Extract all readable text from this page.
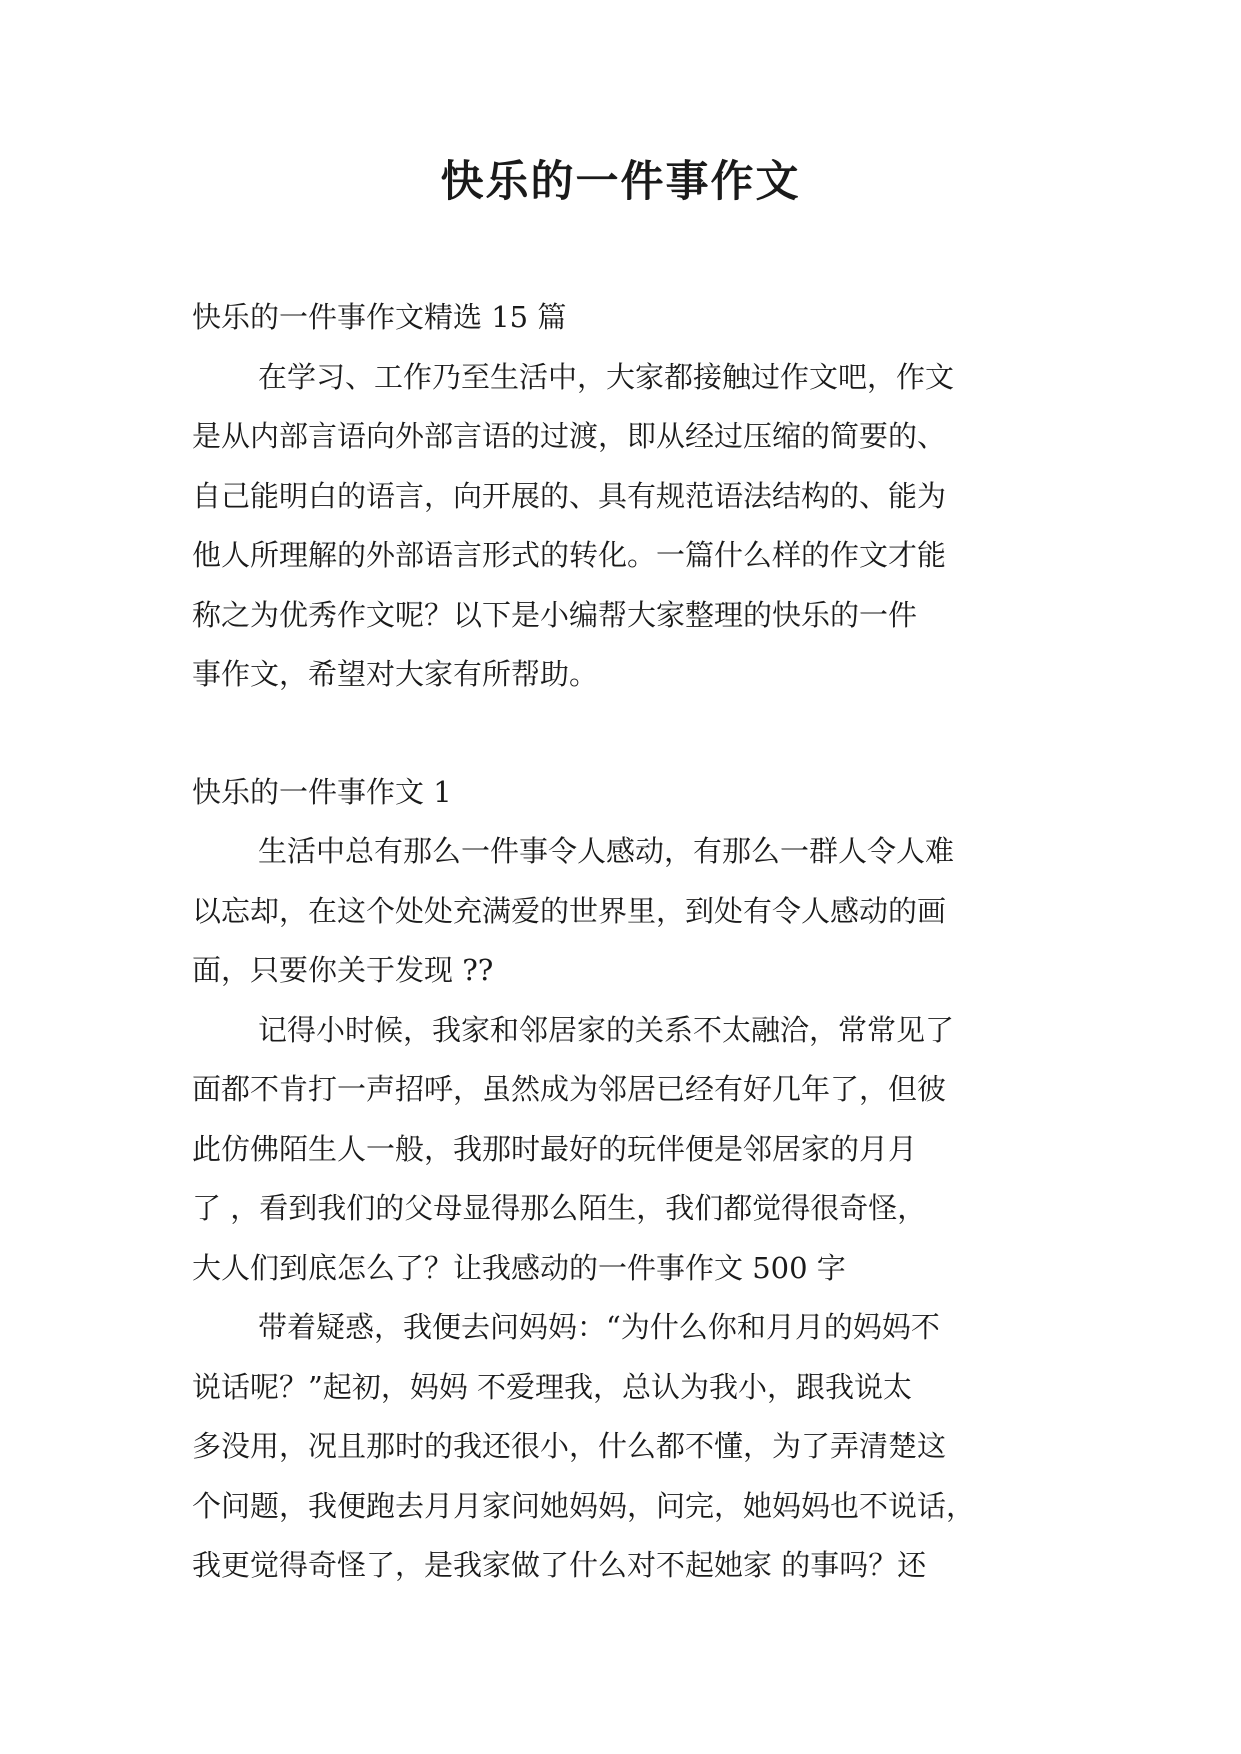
快乐的一件事作文
快乐的一件事作文精选 15 篇
在学习、工作乃至生活中，大家都接触过作文吧，作文
是从内部言语向外部言语的过渡，即从经过压缩的简要的、
自己能明白的语言，向开展的、具有规范语法结构的、能为
他人所理解的外部语言形式的转化。一篇什么样的作文才能
称之为优秀作文呢？以下是小编帮大家整理的快乐的一件
事作文，希望对大家有所帮助。
快乐的一件事作文 1
生活中总有那么一件事令人感动，有那么一群人令人难
以忘却，在这个处处充满爱的世界里，到处有令人感动的画
面，只要你关于发现 ??
记得小时候，我家和邻居家的关系不太融洽，常常见了
面都不肯打一声招呼，虽然成为邻居已经有好几年了，但彼
此仿佛陌生人一般，我那时最好的玩伴便是邻居家的月月
了 ，看到我们的父母显得那么陌生，我们都觉得很奇怪，
大人们到底怎么了？让我感动的一件事作文 500 字
带着疑惑，我便去问妈妈：“为什么你和月月的妈妈不
说话呢？”起初，妈妈 不爱理我，总认为我小，跟我说太
多没用，况且那时的我还很小，什么都不懂，为了弄清楚这
个问题，我便跑去月月家问她妈妈，问完，她妈妈也不说话，
我更觉得奇怪了，是我家做了什么对不起她家 的事吗？还
